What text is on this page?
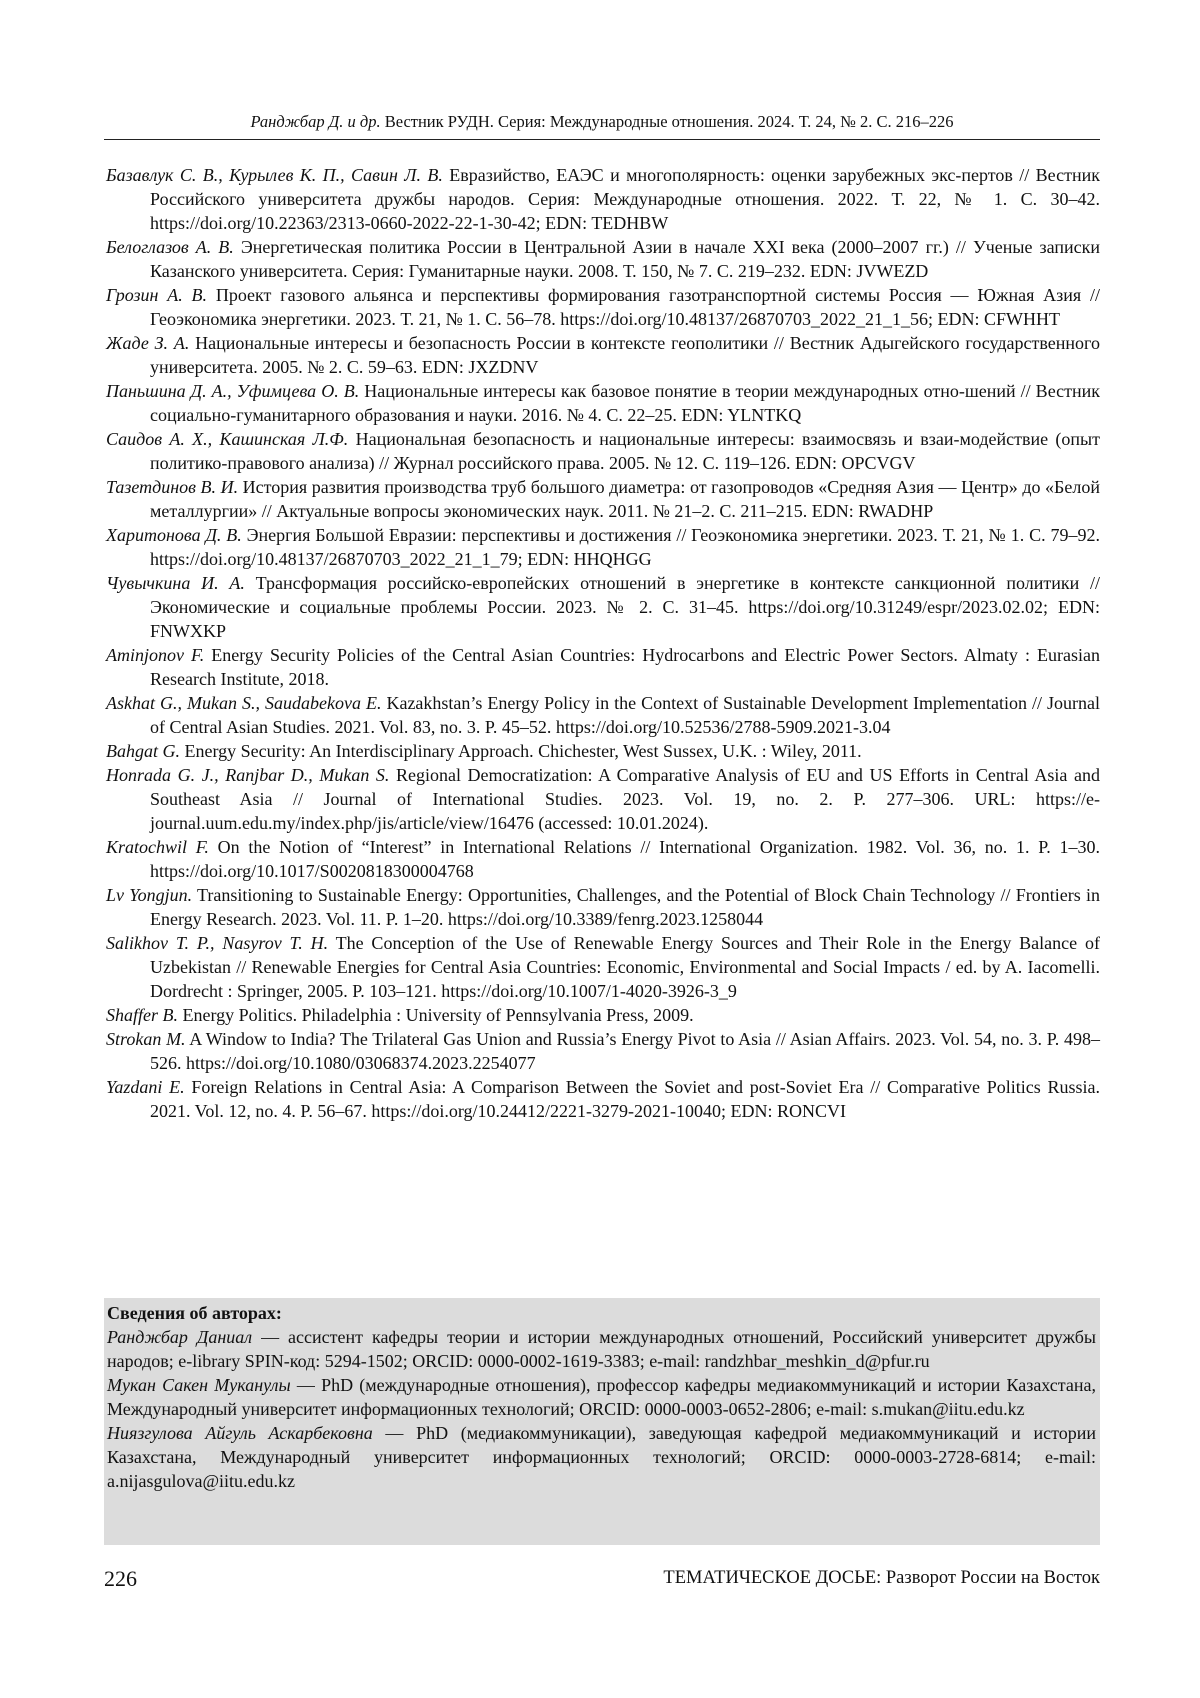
Ранджбар Д. и др. Вестник РУДН. Серия: Международные отношения. 2024. Т. 24, № 2. С. 216–226
Базавлук С. В., Курылев К. П., Савин Л. В. Евразийство, ЕАЭС и многополярность: оценки зарубежных экс-пертов // Вестник Российского университета дружбы народов. Серия: Международные отношения. 2022. Т. 22, № 1. С. 30–42. https://doi.org/10.22363/2313-0660-2022-22-1-30-42; EDN: TEDHBW
Белоглазов А. В. Энергетическая политика России в Центральной Азии в начале XXI века (2000–2007 гг.) // Ученые записки Казанского университета. Серия: Гуманитарные науки. 2008. Т. 150, № 7. С. 219–232. EDN: JVWEZD
Грозин А. В. Проект газового альянса и перспективы формирования газотранспортной системы Россия — Южная Азия // Геоэкономика энергетики. 2023. Т. 21, № 1. С. 56–78. https://doi.org/10.48137/26870703_2022_21_1_56; EDN: CFWHHT
Жаде З. А. Национальные интересы и безопасность России в контексте геополитики // Вестник Адыгейского государственного университета. 2005. № 2. С. 59–63. EDN: JXZDNV
Паньшина Д. А., Уфимцева О. В. Национальные интересы как базовое понятие в теории международных отно-шений // Вестник социально-гуманитарного образования и науки. 2016. № 4. С. 22–25. EDN: YLNTKQ
Саидов А. Х., Кашинская Л.Ф. Национальная безопасность и национальные интересы: взаимосвязь и взаи-модействие (опыт политико-правового анализа) // Журнал российского права. 2005. № 12. С. 119–126. EDN: OPCVGV
Тазетдинов В. И. История развития производства труб большого диаметра: от газопроводов «Средняя Азия — Центр» до «Белой металлургии» // Актуальные вопросы экономических наук. 2011. № 21–2. С. 211–215. EDN: RWADHP
Харитонова Д. В. Энергия Большой Евразии: перспективы и достижения // Геоэкономика энергетики. 2023. Т. 21, № 1. С. 79–92. https://doi.org/10.48137/26870703_2022_21_1_79; EDN: HHQHGG
Чувычкина И. А. Трансформация российско-европейских отношений в энергетике в контексте санкционной политики // Экономические и социальные проблемы России. 2023. № 2. С. 31–45. https://doi.org/10.31249/espr/2023.02.02; EDN: FNWXKP
Aminjonov F. Energy Security Policies of the Central Asian Countries: Hydrocarbons and Electric Power Sectors. Almaty : Eurasian Research Institute, 2018.
Askhat G., Mukan S., Saudabekova E. Kazakhstan’s Energy Policy in the Context of Sustainable Development Implementation // Journal of Central Asian Studies. 2021. Vol. 83, no. 3. P. 45–52. https://doi.org/10.52536/2788-5909.2021-3.04
Bahgat G. Energy Security: An Interdisciplinary Approach. Chichester, West Sussex, U.K. : Wiley, 2011.
Honrada G. J., Ranjbar D., Mukan S. Regional Democratization: A Comparative Analysis of EU and US Efforts in Central Asia and Southeast Asia // Journal of International Studies. 2023. Vol. 19, no. 2. P. 277–306. URL: https://e-journal.uum.edu.my/index.php/jis/article/view/16476 (accessed: 10.01.2024).
Kratochwil F. On the Notion of “Interest” in International Relations // International Organization. 1982. Vol. 36, no. 1. P. 1–30. https://doi.org/10.1017/S0020818300004768
Lv Yongjun. Transitioning to Sustainable Energy: Opportunities, Challenges, and the Potential of Block Chain Technology // Frontiers in Energy Research. 2023. Vol. 11. P. 1–20. https://doi.org/10.3389/fenrg.2023.1258044
Salikhov T. P., Nasyrov T. H. The Conception of the Use of Renewable Energy Sources and Their Role in the Energy Balance of Uzbekistan // Renewable Energies for Central Asia Countries: Economic, Environmental and Social Impacts / ed. by A. Iacomelli. Dordrecht : Springer, 2005. P. 103–121. https://doi.org/10.1007/1-4020-3926-3_9
Shaffer B. Energy Politics. Philadelphia : University of Pennsylvania Press, 2009.
Strokan M. A Window to India? The Trilateral Gas Union and Russia’s Energy Pivot to Asia // Asian Affairs. 2023. Vol. 54, no. 3. P. 498–526. https://doi.org/10.1080/03068374.2023.2254077
Yazdani E. Foreign Relations in Central Asia: A Comparison Between the Soviet and post-Soviet Era // Comparative Politics Russia. 2021. Vol. 12, no. 4. P. 56–67. https://doi.org/10.24412/2221-3279-2021-10040; EDN: RONCVI

Сведения об авторах:

Ранджбар Даниал — ассистент кафедры теории и истории международных отношений, Российский университет дружбы народов; e-library SPIN-код: 5294-1502; ORCID: 0000-0002-1619-3383; e-mail: randzhbar_meshkin_d@pfur.ru

Мукан Сакен Муканулы — PhD (международные отношения), профессор кафедры медиакоммуникаций и истории Казахстана, Международный университет информационных технологий; ORCID: 0000-0003-0652-2806; e-mail: s.mukan@iitu.edu.kz

Ниязгулова Айгуль Аскарбековна — PhD (медиакоммуникации), заведующая кафедрой медиакоммуникаций и истории Казахстана, Международный университет информационных технологий; ORCID: 0000-0003-2728-6814; e-mail: a.nijasgulova@iitu.edu.kz

226	ТЕМАТИЧЕСКОЕ ДОСЬЕ: Разворот России на Восток
